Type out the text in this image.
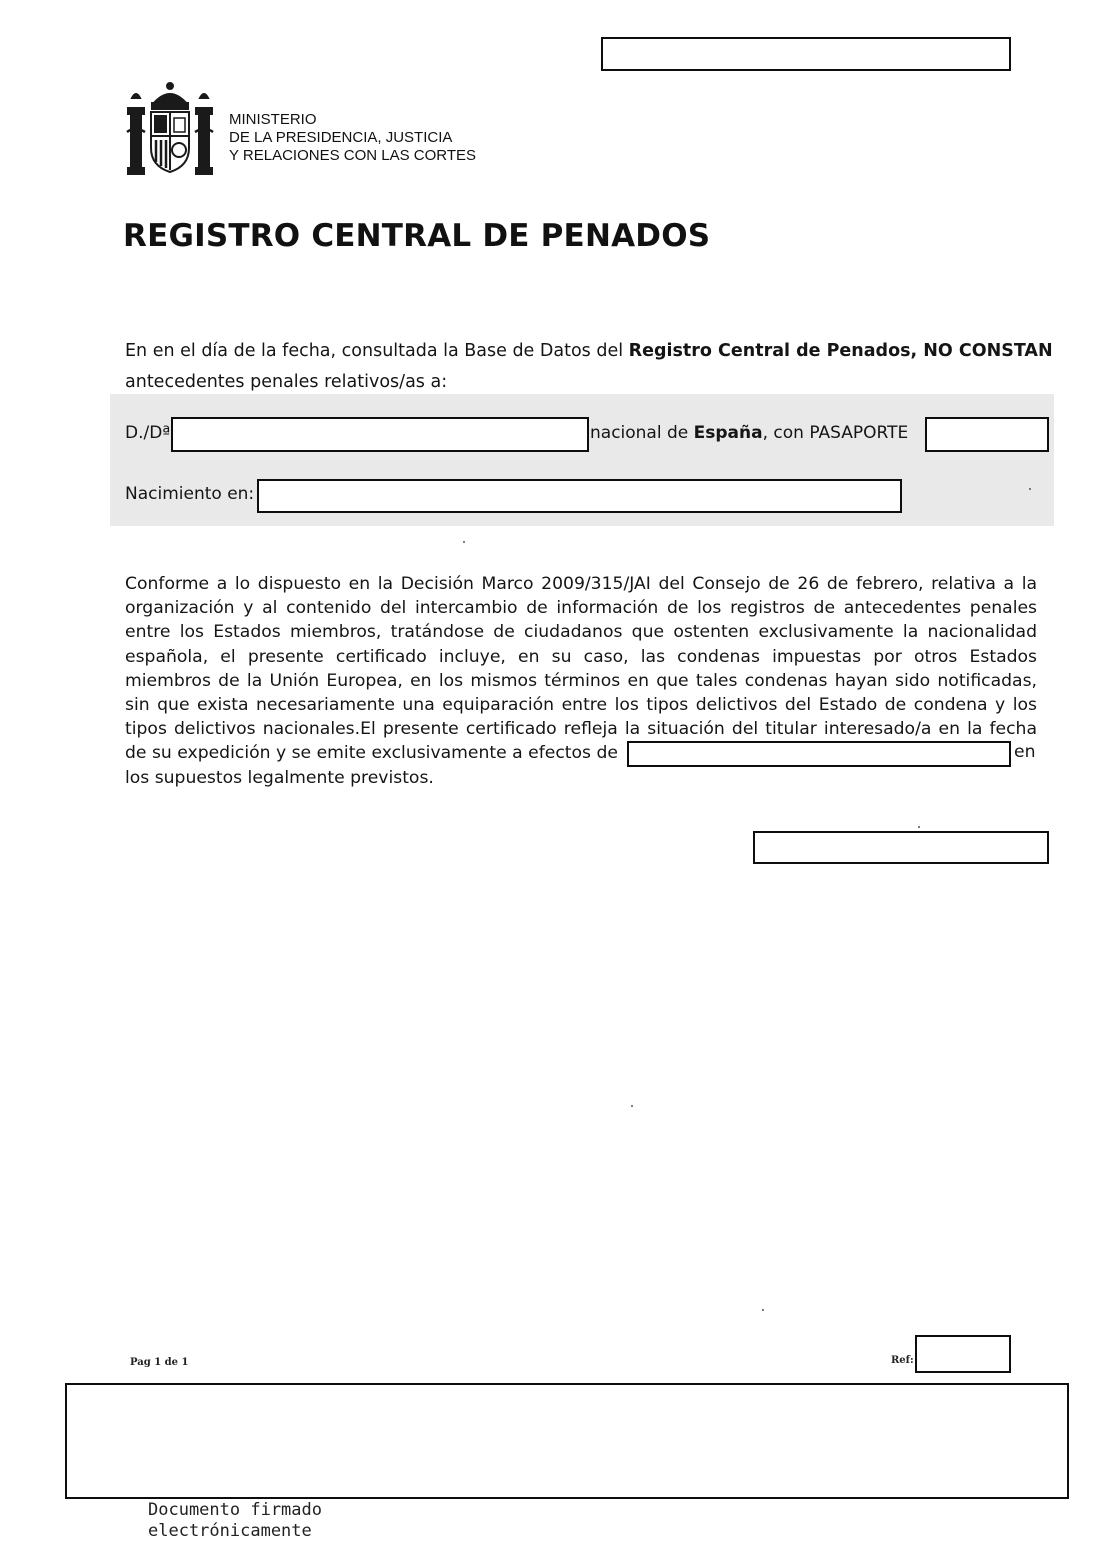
MINISTERIO
DE LA PRESIDENCIA, JUSTICIA
Y RELACIONES CON LAS CORTES
REGISTRO CENTRAL DE PENADOS
En en el día de la fecha, consultada la Base de Datos del Registro Central de Penados, NO CONSTAN
antecedentes penales relativos/as a:
D./Dª	nacional de España, con PASAPORTE
Nacimiento en:
Conforme a lo dispuesto en la Decisión Marco 2009/315/JAI del Consejo de 26 de febrero, relativa a la
organización y al contenido del intercambio de información de los registros de antecedentes penales
entre los Estados miembros, tratándose de ciudadanos que ostenten exclusivamente la nacionalidad
española, el presente certificado incluye, en su caso, las condenas impuestas por otros Estados
miembros de la Unión Europea, en los mismos términos en que tales condenas hayan sido notificadas,
sin que exista necesariamente una equiparación entre los tipos delictivos del Estado de condena y los
tipos delictivos nacionales.El presente certificado refleja la situación del titular interesado/a en la fecha
de su expedición y se emite exclusivamente a efectos de
los supuestos legalmente previstos.
en
Pag 1 de 1	Ref:
Documento firmado
electrónicamente
